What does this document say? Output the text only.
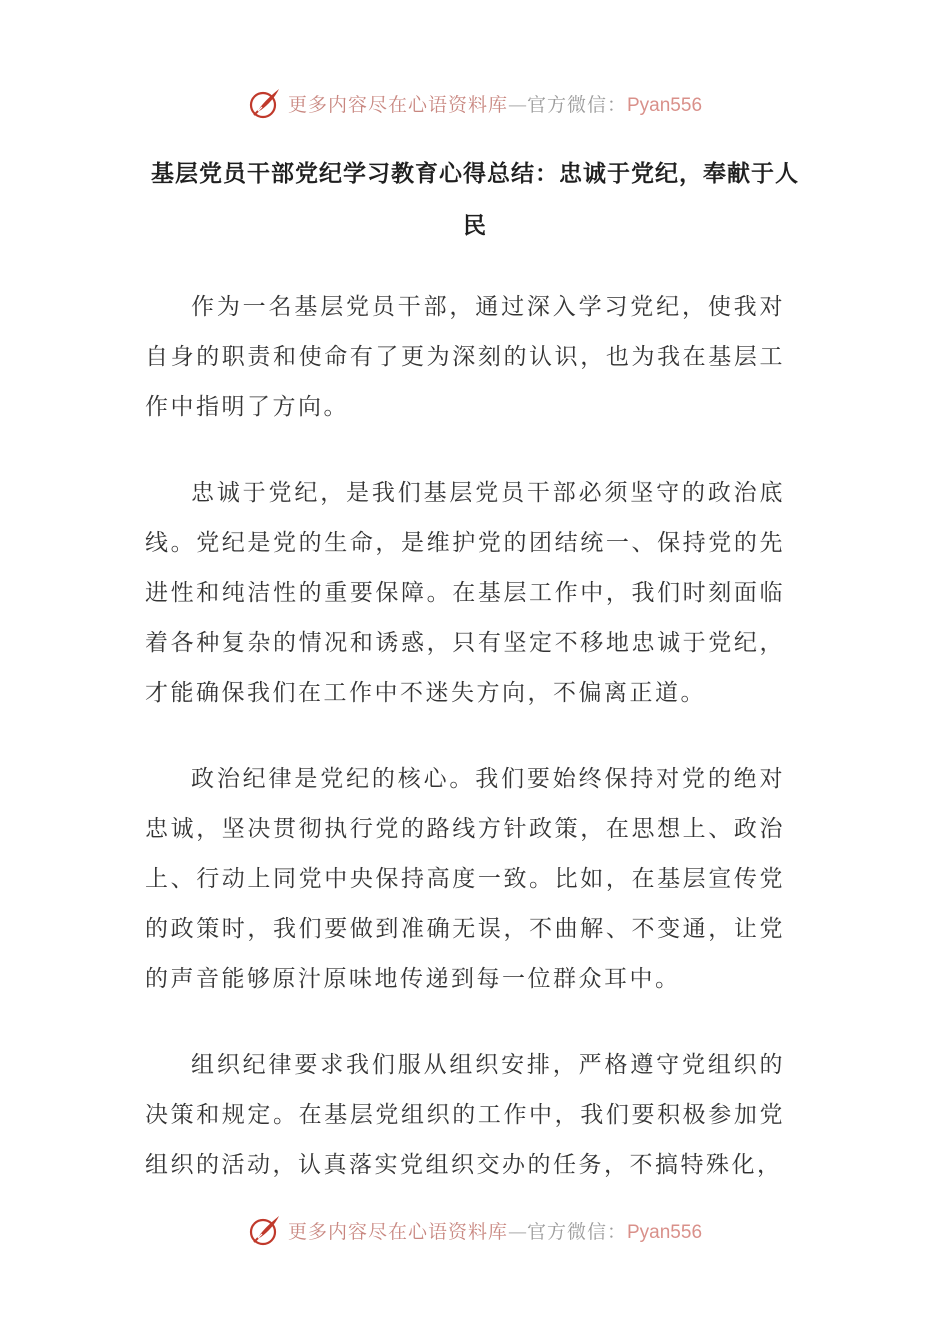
更多内容尽在心语资料库—官方微信：Pyan556
基层党员干部党纪学习教育心得总结：忠诚于党纪，奉献于人民

作为一名基层党员干部，通过深入学习党纪，使我对自身的职责和使命有了更为深刻的认识，也为我在基层工作中指明了方向。

忠诚于党纪，是我们基层党员干部必须坚守的政治底线。党纪是党的生命，是维护党的团结统一、保持党的先进性和纯洁性的重要保障。在基层工作中，我们时刻面临着各种复杂的情况和诱惑，只有坚定不移地忠诚于党纪，才能确保我们在工作中不迷失方向，不偏离正道。

政治纪律是党纪的核心。我们要始终保持对党的绝对忠诚，坚决贯彻执行党的路线方针政策，在思想上、政治上、行动上同党中央保持高度一致。比如，在基层宣传党的政策时，我们要做到准确无误，不曲解、不变通，让党的声音能够原汁原味地传递到每一位群众耳中。

组织纪律要求我们服从组织安排，严格遵守党组织的决策和规定。在基层党组织的工作中，我们要积极参加党组织的活动，认真落实党组织交办的任务，不搞特殊化，

更多内容尽在心语资料库—官方微信：Pyan556
